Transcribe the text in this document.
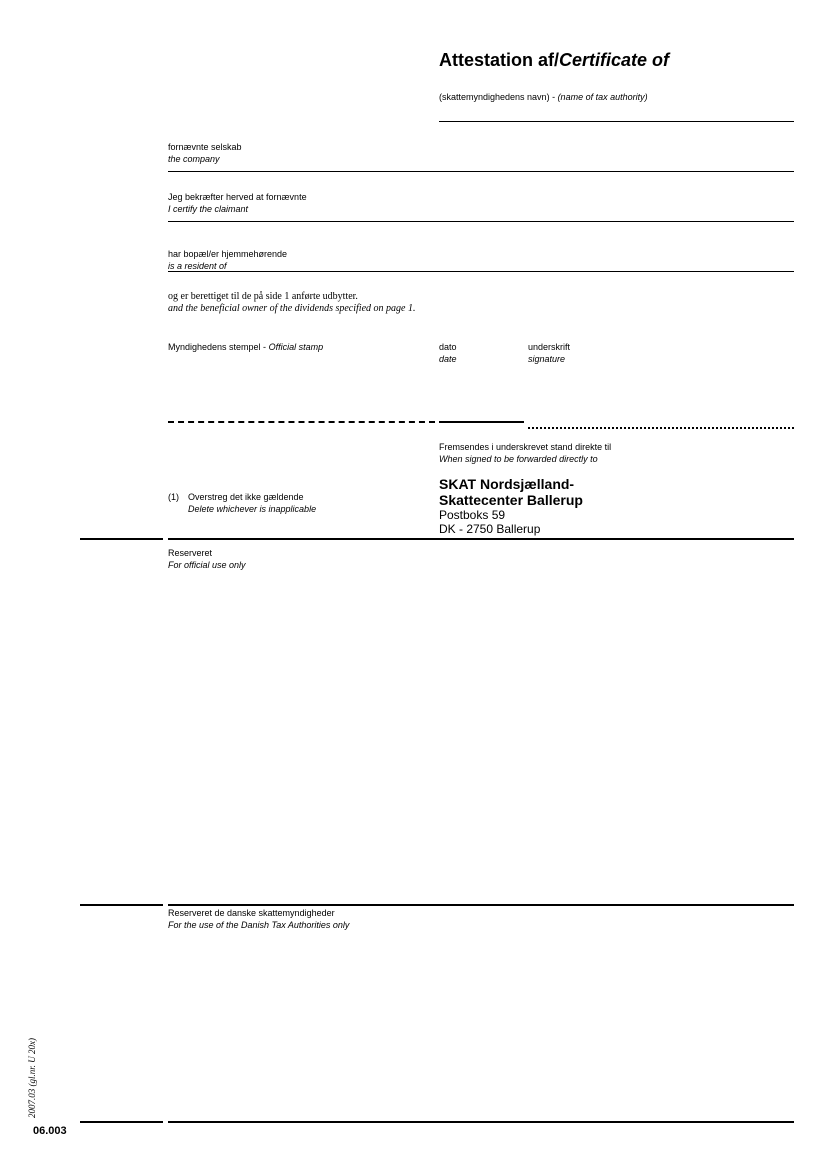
Attestation af/Certificate of
(skattemyndighedens navn) - (name of tax authority)
fornævnte selskab
the company
Jeg bekræfter herved at fornævnte
I certify the claimant
har bopæl/er hjemmehørende
is a resident of
og er berettiget til de på side 1 anførte udbytter.
and the beneficial owner of the dividends specified on page 1.
Myndighedens stempel - Official stamp	dato
date
underskrift
signature
Fremsendes i underskrevet stand direkte til
When signed to be forwarded directly to
SKAT Nordsjælland-
Skattecenter Ballerup
Postboks 59
DK - 2750 Ballerup
(1) Overstreg det ikke gældende
Delete whichever is inapplicable
Reserveret
For official use only
Reserveret de danske skattemyndigheder
For the use of the Danish Tax Authorities only
2007.03 (gl.nr. U 20x)
06.003
